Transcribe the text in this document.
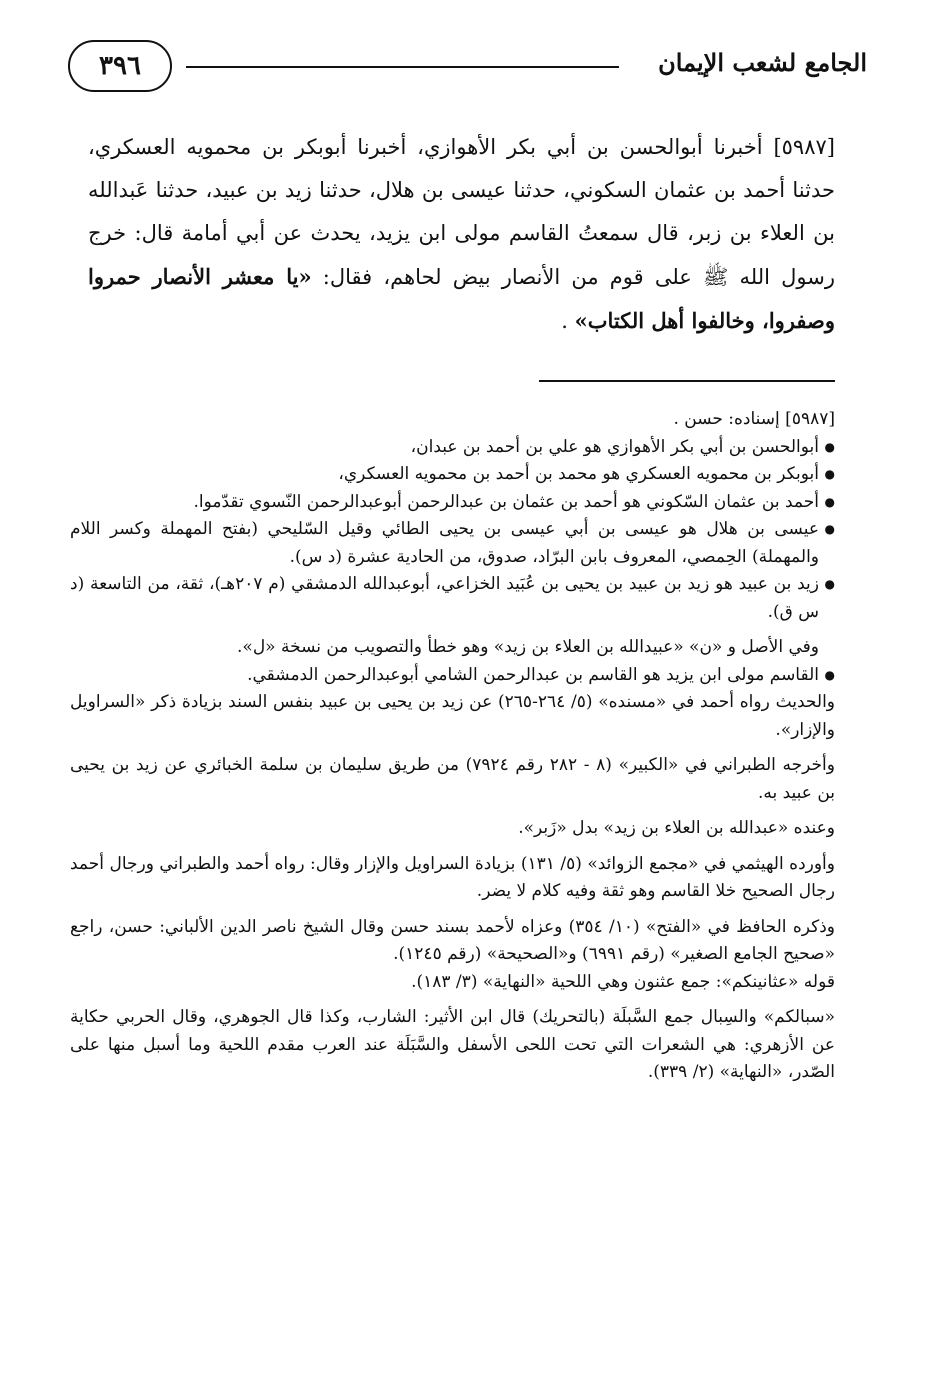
الجامع لشعب الإيمان
٣٩٦

[٥٩٨٧] أخبرنا أبوالحسن بن أبي بكر الأهوازي، أخبرنا أبوبكر بن محمويه العسكري، حدثنا أحمد بن عثمان السكوني، حدثنا عيسى بن هلال، حدثنا زيد بن عبيد، حدثنا عَبدالله بن العلاء بن زبر، قال سمعتُ القاسم مولى ابن يزيد، يحدث عن أبي أمامة قال: خرج رسول الله ﷺ على قوم من الأنصار بيض لحاهم، فقال: «يا معشر الأنصار حمروا وصفروا، وخالفوا أهل الكتاب» .

[٥٩٨٧] إسناده: حسن .

● أبوالحسن بن أبي بكر الأهوازي هو علي بن أحمد بن عبدان،
● أبوبكر بن محمويه العسكري هو محمد بن أحمد بن محمويه العسكري،
● أحمد بن عثمان السّكوني هو أحمد بن عثمان بن عبدالرحمن أبوعبدالرحمن النّسوي تقدّموا.
● عيسى بن هلال هو عيسى بن أبي عيسى بن يحيى الطائي وقيل السّليحي (بفتح المهملة وكسر اللام والمهملة) الحِمصي، المعروف بابن البرّاد، صدوق، من الحادية عشرة (د س).
● زيد بن عبيد هو زيد بن عبيد بن يحيى بن عُبَيد الخزاعي، أبوعبدالله الدمشقي (م ٢٠٧هـ)، ثقة، من التاسعة (د س ق).

وفي الأصل و «ن» «عبيدالله بن العلاء بن زيد» وهو خطأ والتصويب من نسخة «ل».

● القاسم مولى ابن يزيد هو القاسم بن عبدالرحمن الشامي أبوعبدالرحمن الدمشقي.

والحديث رواه أحمد في «مسنده» (٥/ ٢٦٤-٢٦٥) عن زيد بن يحيى بن عبيد بنفس السند بزيادة ذكر «السراويل والإزار».

وأخرجه الطبراني في «الكبير» (٨ - ٢٨٢ رقم ٧٩٢٤) من طريق سليمان بن سلمة الخبائري عن زيد بن يحيى بن عبيد به.

وعنده «عبدالله بن العلاء بن زيد» بدل «زَبر».

وأورده الهيثمي في «مجمع الزوائد» (٥/ ١٣١) بزيادة السراويل والإزار وقال: رواه أحمد والطبراني ورجال أحمد رجال الصحيح خلا القاسم وهو ثقة وفيه كلام لا يضر.

وذكره الحافظ في «الفتح» (١٠/ ٣٥٤) وعزاه لأحمد بسند حسن وقال الشيخ ناصر الدين الألباني: حسن، راجع «صحيح الجامع الصغير» (رقم ٦٩٩١) و«الصحيحة» (رقم ١٢٤٥).

قوله «عثانينكم»: جمع عثنون وهي اللحية «النهاية» (٣/ ١٨٣).

«سبالكم» والسِبال جمع السَّبلَة (بالتحريك) قال ابن الأثير: الشارب، وكذا قال الجوهري، وقال الحربي حكاية عن الأزهري: هي الشعرات التي تحت اللحى الأسفل والسَّبَلَة عند العرب مقدم اللحية وما أسبل منها على الصّدر، «النهاية» (٢/ ٣٣٩).
